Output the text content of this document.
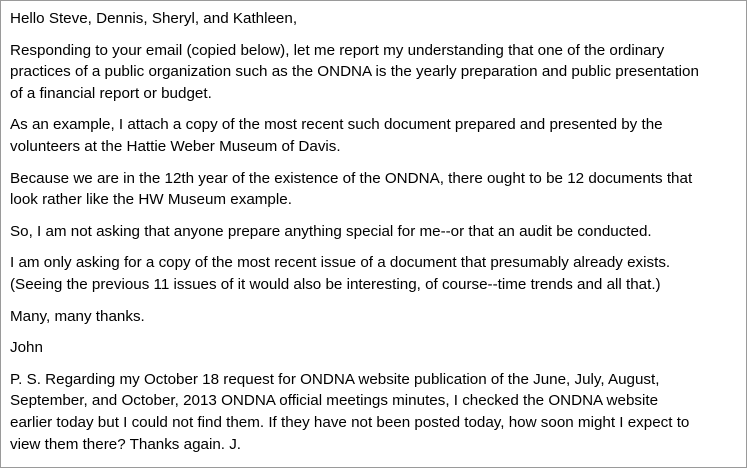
Hello Steve, Dennis, Sheryl, and Kathleen,

Responding to your email (copied below), let me report my understanding that one of the ordinary
practices of a public organization such as the ONDNA is the yearly preparation and public presentation
of a financial report or budget.

As an example, I attach a copy of the most recent such document prepared and presented by the
volunteers at the Hattie Weber Museum of Davis.

Because we are in the 12th year of the existence of the ONDNA, there ought to be 12 documents that
look rather like the HW Museum example.

So, I am not asking that anyone prepare anything special for me--or that an audit be conducted.

I am only asking for a copy of the most recent issue of a document that presumably already exists.
(Seeing the previous 11 issues of it would also be interesting, of course--time trends and all that.)

Many, many thanks.

John

P. S. Regarding my October 18 request for ONDNA website publication of the June, July, August,
September, and October, 2013 ONDNA official meetings minutes, I checked the ONDNA website
earlier today but I could not find them. If they have not been posted today, how soon might I expect to
view them there? Thanks again. J.
